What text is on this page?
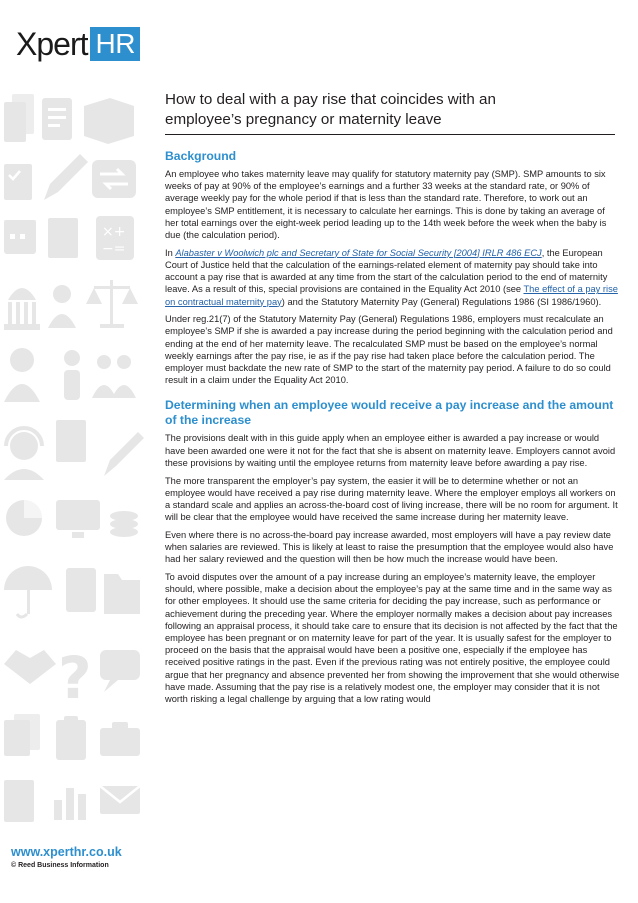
Xpert HR
×+
−=
?
www.xperthr.co.uk
© Reed Business Information
How to deal with a pay rise that coincides with an
employee’s pregnancy or maternity leave
Background

An employee who takes maternity leave may qualify for statutory maternity pay (SMP). SMP amounts to six weeks of pay at 90% of the employee’s earnings and a further 33 weeks at the standard rate, or 90% of average weekly pay for the whole period if that is less than the standard rate. Therefore, to work out an employee’s SMP entitlement, it is necessary to calculate her earnings. This is done by taking an average of her total earnings over the eight-week period leading up to the 14th week before the week when the baby is due (the calculation period).

In Alabaster v Woolwich plc and Secretary of State for Social Security [2004] IRLR 486 ECJ, the European Court of Justice held that the calculation of the earnings-related element of maternity pay should take into account a pay rise that is awarded at any time from the start of the calculation period to the end of maternity leave. As a result of this, special provisions are contained in the Equality Act 2010 (see The effect of a pay rise on contractual maternity pay) and the Statutory Maternity Pay (General) Regulations 1986 (SI 1986/1960).

Under reg.21(7) of the Statutory Maternity Pay (General) Regulations 1986, employers must recalculate an employee’s SMP if she is awarded a pay increase during the period beginning with the calculation period and ending at the end of her maternity leave. The recalculated SMP must be based on the employee’s normal weekly earnings after the pay rise, ie as if the pay rise had taken place before the calculation period. The employer must backdate the new rate of SMP to the start of the maternity pay period. A failure to do so could result in a claim under the Equality Act 2010.

Determining when an employee would receive a pay increase and the amount of the increase

The provisions dealt with in this guide apply when an employee either is awarded a pay increase or would have been awarded one were it not for the fact that she is absent on maternity leave. Employers cannot avoid these provisions by waiting until the employee returns from maternity leave before awarding a pay rise.

The more transparent the employer’s pay system, the easier it will be to determine whether or not an employee would have received a pay rise during maternity leave. Where the employer employs all workers on a standard scale and applies an across-the-board cost of living increase, there will be no room for argument. It will be clear that the employee would have received the same increase during her maternity leave.

Even where there is no across-the-board pay increase awarded, most employers will have a pay review date when salaries are reviewed. This is likely at least to raise the presumption that the employee would also have had her salary reviewed and the question will then be how much the increase would have been.

To avoid disputes over the amount of a pay increase during an employee’s maternity leave, the employer should, where possible, make a decision about the employee’s pay at the same time and in the same way as for other employees. It should use the same criteria for deciding the pay increase, such as performance or achievement during the preceding year. Where the employer normally makes a decision about pay increases following an appraisal process, it should take care to ensure that its decision is not affected by the fact that the employee has been pregnant or on maternity leave for part of the year. It is usually safest for the employer to proceed on the basis that the appraisal would have been a positive one, especially if the employee has received positive ratings in the past. Even if the previous rating was not entirely positive, the employee could argue that her pregnancy and absence prevented her from showing the improvement that she would otherwise have made. Assuming that the pay rise is a relatively modest one, the employer may consider that it is not worth risking a legal challenge by arguing that a low rating would
